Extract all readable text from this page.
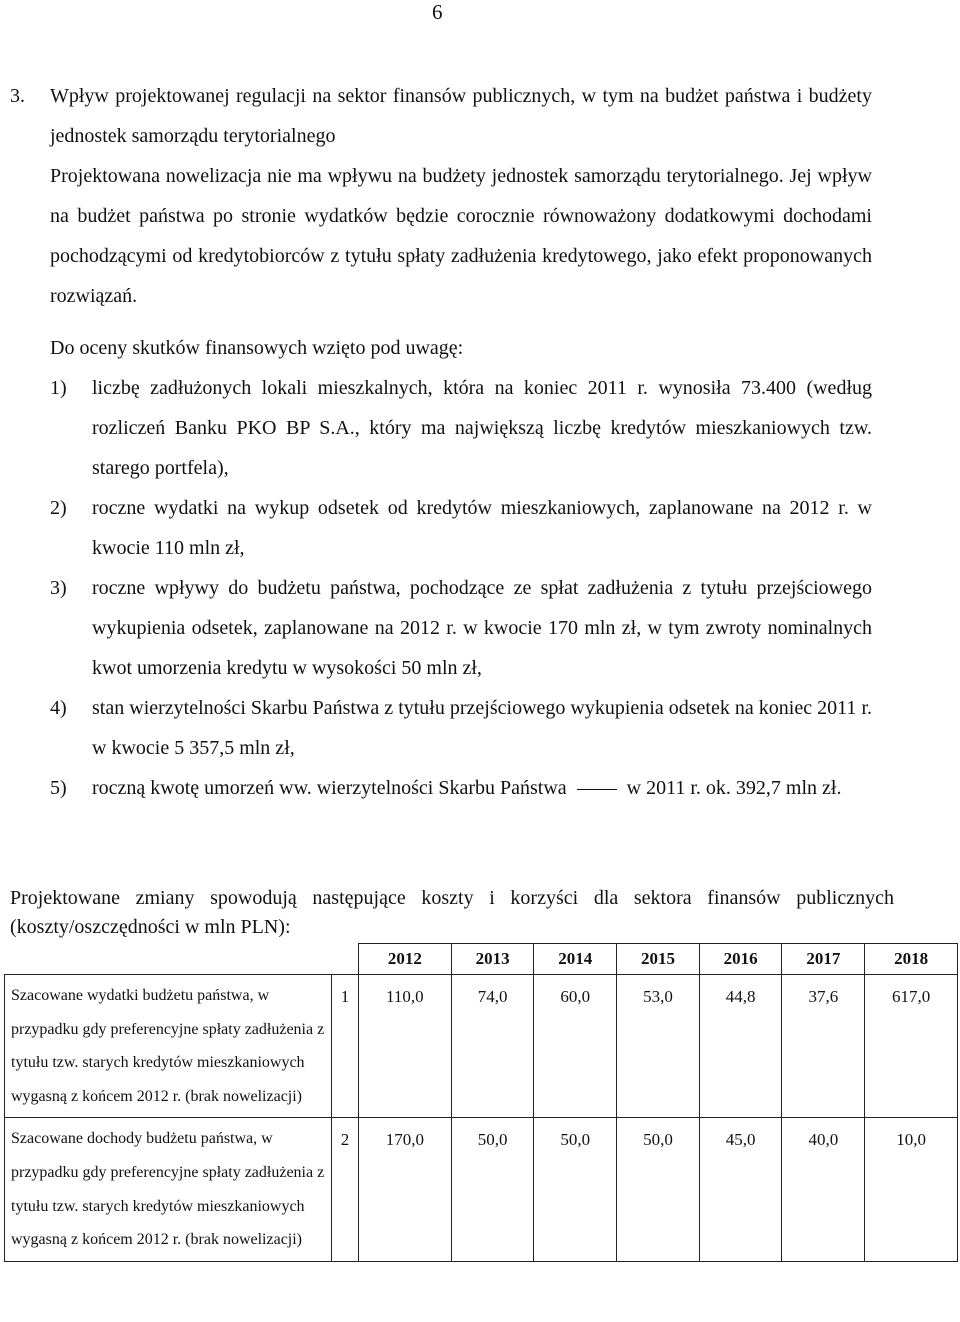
6
3.	Wpływ projektowanej regulacji na sektor finansów publicznych, w tym na budżet państwa i budżety jednostek samorządu terytorialnego
Projektowana nowelizacja nie ma wpływu na budżety jednostek samorządu terytorialnego. Jej wpływ na budżet państwa po stronie wydatków będzie corocznie równoważony dodatkowymi dochodami pochodzącymi od kredytobiorców z tytułu spłaty zadłużenia kredytowego, jako efekt proponowanych rozwiązań.
Do oceny skutków finansowych wzięto pod uwagę:
1)	liczbę zadłużonych lokali mieszkalnych, która na koniec 2011 r. wynosiła 73.400 (według rozliczeń Banku PKO BP S.A., który ma największą liczbę kredytów mieszkaniowych tzw. starego portfela),
2)	roczne wydatki na wykup odsetek od kredytów mieszkaniowych, zaplanowane na 2012 r. w kwocie 110 mln zł,
3)	roczne wpływy do budżetu państwa, pochodzące ze spłat zadłużenia z tytułu przejściowego wykupienia odsetek, zaplanowane na 2012 r. w kwocie 170 mln zł, w tym zwroty nominalnych kwot umorzenia kredytu w wysokości 50 mln zł,
4)	stan wierzytelności Skarbu Państwa z tytułu przejściowego wykupienia odsetek na koniec 2011 r. w kwocie 5 357,5 mln zł,
5)	roczną kwotę umorzeń ww. wierzytelności Skarbu Państwa	w 2011 r. ok. 392,7 mln zł.
Projektowane zmiany spowodują następujące koszty i korzyści dla sektora finansów publicznych (koszty/oszczędności w mln PLN):
		2012	2013	2014	2015	2016	2017	2018
Szacowane wydatki budżetu państwa, w przypadku gdy preferencyjne spłaty zadłużenia z tytułu tzw. starych kredytów mieszkaniowych wygasną z końcem 2012 r. (brak nowelizacji)	1	110,0	74,0	60,0	53,0	44,8	37,6	617,0
Szacowane dochody budżetu państwa, w przypadku gdy preferencyjne spłaty zadłużenia z tytułu tzw. starych kredytów mieszkaniowych wygasną z końcem 2012 r. (brak nowelizacji)	2	170,0	50,0	50,0	50,0	45,0	40,0	10,0
